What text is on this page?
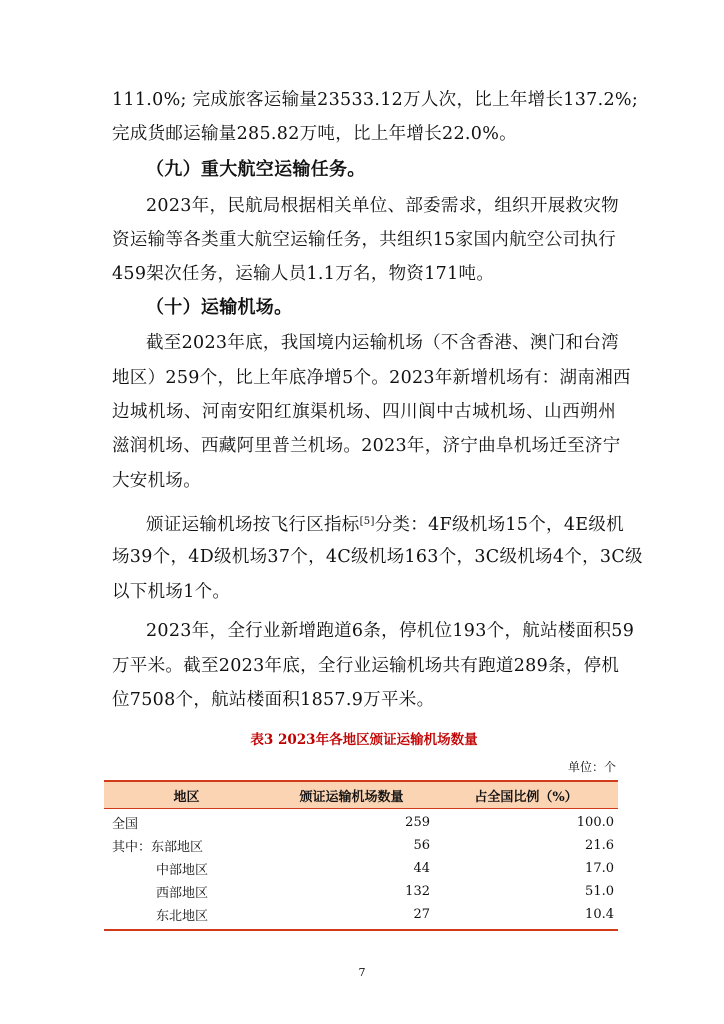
111.0%; 完成旅客运输量23533.12万人次，比上年增长137.2%;
完成货邮运输量285.82万吨，比上年增长22.0%。
（九）重大航空运输任务。
2023年，民航局根据相关单位、部委需求，组织开展救灾物
资运输等各类重大航空运输任务，共组织15家国内航空公司执行
459架次任务，运输人员1.1万名，物资171吨。
（十）运输机场。
截至2023年底，我国境内运输机场（不含香港、澳门和台湾
地区）259个，比上年底净增5个。2023年新增机场有：湖南湘西
边城机场、河南安阳红旗渠机场、四川阆中古城机场、山西朔州
滋润机场、西藏阿里普兰机场。2023年，济宁曲阜机场迁至济宁
大安机场。
颁证运输机场按飞行区指标[5]分类：4F级机场15个，4E级机
场39个，4D级机场37个，4C级机场163个，3C级机场4个，3C级
以下机场1个。
2023年，全行业新增跑道6条，停机位193个，航站楼面积59
万平米。截至2023年底，全行业运输机场共有跑道289条，停机
位7508个，航站楼面积1857.9万平米。
表3 2023年各地区颁证运输机场数量
单位：个
地区	颁证运输机场数量	占全国比例（%）
全国	259	100.0
其中：东部地区	56	21.6
中部地区	44	17.0
西部地区	132	51.0
东北地区	27	10.4
7
